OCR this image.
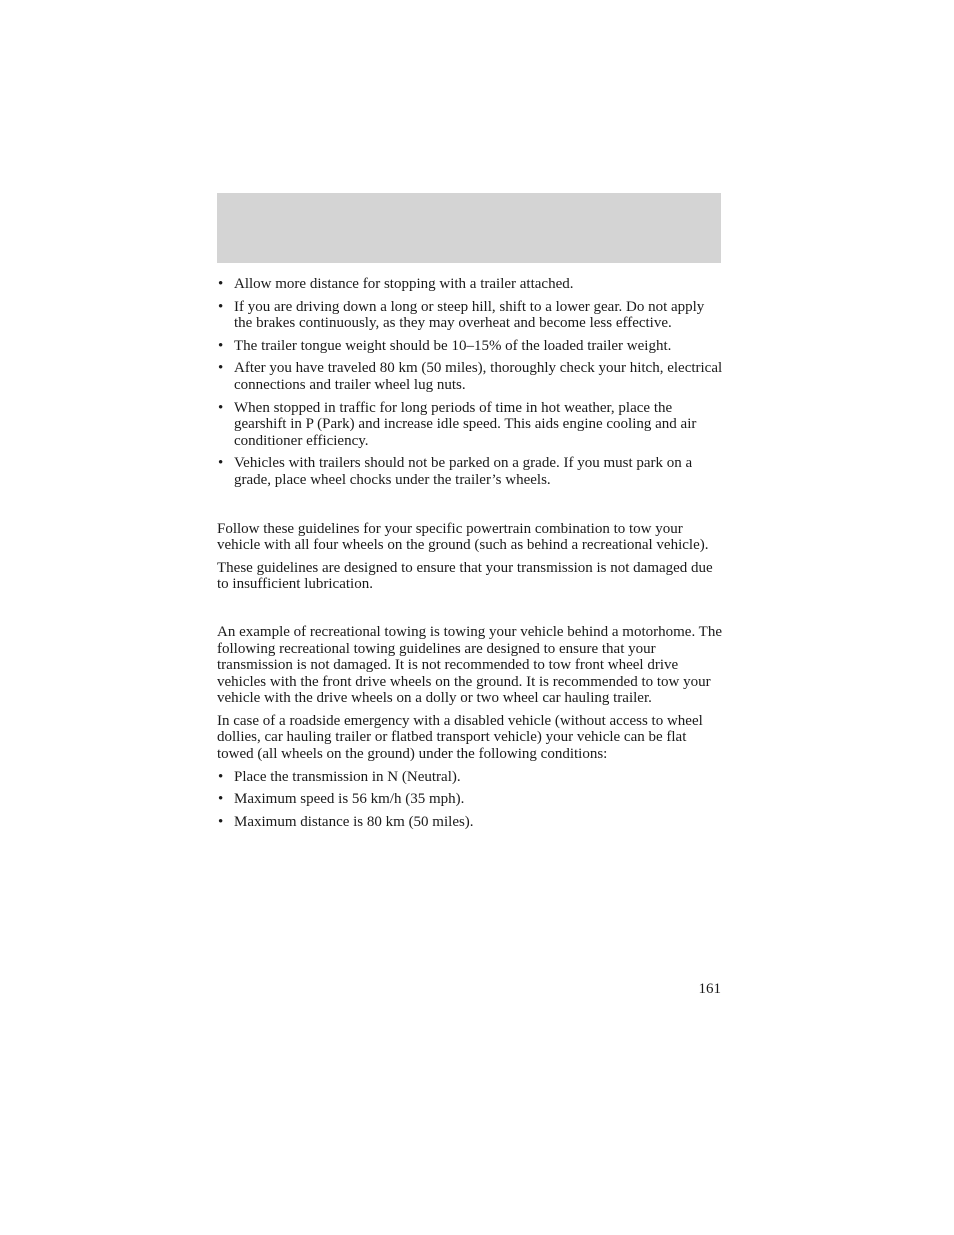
• Allow more distance for stopping with a trailer attached.
• If you are driving down a long or steep hill, shift to a lower gear. Do not apply the brakes continuously, as they may overheat and become less effective.
• The trailer tongue weight should be 10–15% of the loaded trailer weight.
• After you have traveled 80 km (50 miles), thoroughly check your hitch, electrical connections and trailer wheel lug nuts.
• When stopped in traffic for long periods of time in hot weather, place the gearshift in P (Park) and increase idle speed. This aids engine cooling and air conditioner efficiency.
• Vehicles with trailers should not be parked on a grade. If you must park on a grade, place wheel chocks under the trailer’s wheels.

Follow these guidelines for your specific powertrain combination to tow your vehicle with all four wheels on the ground (such as behind a recreational vehicle).

These guidelines are designed to ensure that your transmission is not damaged due to insufficient lubrication.

An example of recreational towing is towing your vehicle behind a motorhome. The following recreational towing guidelines are designed to ensure that your transmission is not damaged. It is not recommended to tow front wheel drive vehicles with the front drive wheels on the ground. It is recommended to tow your vehicle with the drive wheels on a dolly or two wheel car hauling trailer.

In case of a roadside emergency with a disabled vehicle (without access to wheel dollies, car hauling trailer or flatbed transport vehicle) your vehicle can be flat towed (all wheels on the ground) under the following conditions:

• Place the transmission in N (Neutral).
• Maximum speed is 56 km/h (35 mph).
• Maximum distance is 80 km (50 miles).
161
